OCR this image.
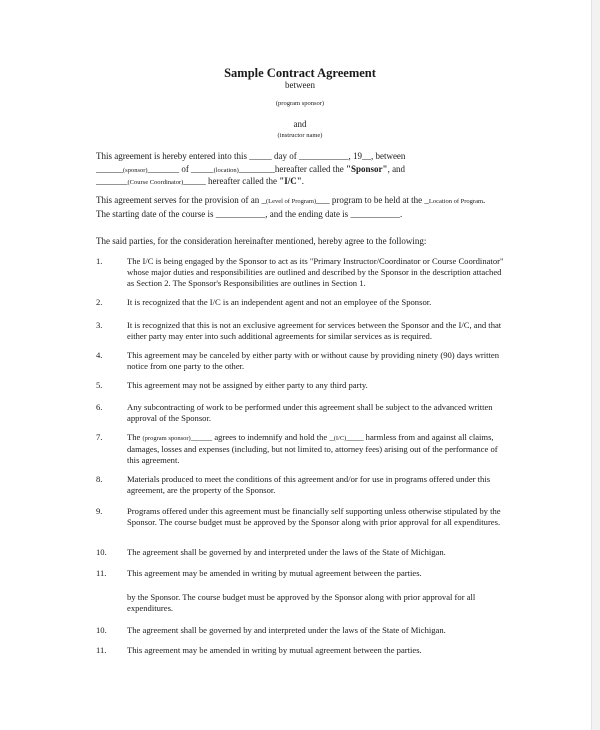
Sample Contract Agreement
between
(program sponsor)
and
(instructor name)
This agreement is hereby entered into this _____ day of ___________, 19__, between
______(sponsor)_______ of _____(location)________hereafter called the "Sponsor", and
_______(Course Coordinator)_____ hereafter called the "I/C".
This agreement serves for the provision of an _(Level of Program)___ program to be held at the _Location of Program.
The starting date of the course is ___________, and the ending date is ___________.
The said parties, for the consideration hereinafter mentioned, hereby agree to the following:
1.	The I/C is being engaged by the Sponsor to act as its "Primary Instructor/Coordinator or Course Coordinator" whose major duties and responsibilities are outlined and described by the Sponsor in the description attached as Section 2. The Sponsor's Responsibilities are outlines in Section 1.
2.	It is recognized that the I/C is an independent agent and not an employee of the Sponsor.
3.	It is recognized that this is not an exclusive agreement for services between the Sponsor and the I/C, and that either party may enter into such additional agreements for similar services as is required.
4.	This agreement may be canceled by either party with or without cause by providing ninety (90) days written notice from one party to the other.
5.	This agreement may not be assigned by either party to any third party.
6.	Any subcontracting of work to be performed under this agreement shall be subject to the advanced written approval of the Sponsor.
7.	The (program sponsor)_____ agrees to indemnify and hold the _(I/C)____ harmless from and against all claims, damages, losses and expenses (including, but not limited to, attorney fees) arising out of the performance of this agreement.
8.	Materials produced to meet the conditions of this agreement and/or for use in programs offered under this agreement, are the property of the Sponsor.
9.	Programs offered under this agreement must be financially self supporting unless otherwise stipulated by the Sponsor. The course budget must be approved by the Sponsor along with prior approval for all expenditures.
10. The agreement shall be governed by and interpreted under the laws of the State of Michigan.
11. This agreement may be amended in writing by mutual agreement between the parties.
by the Sponsor. The course budget must be approved by the Sponsor along with prior approval for all expenditures.
10. The agreement shall be governed by and interpreted under the laws of the State of Michigan.
11. This agreement may be amended in writing by mutual agreement between the parties.
